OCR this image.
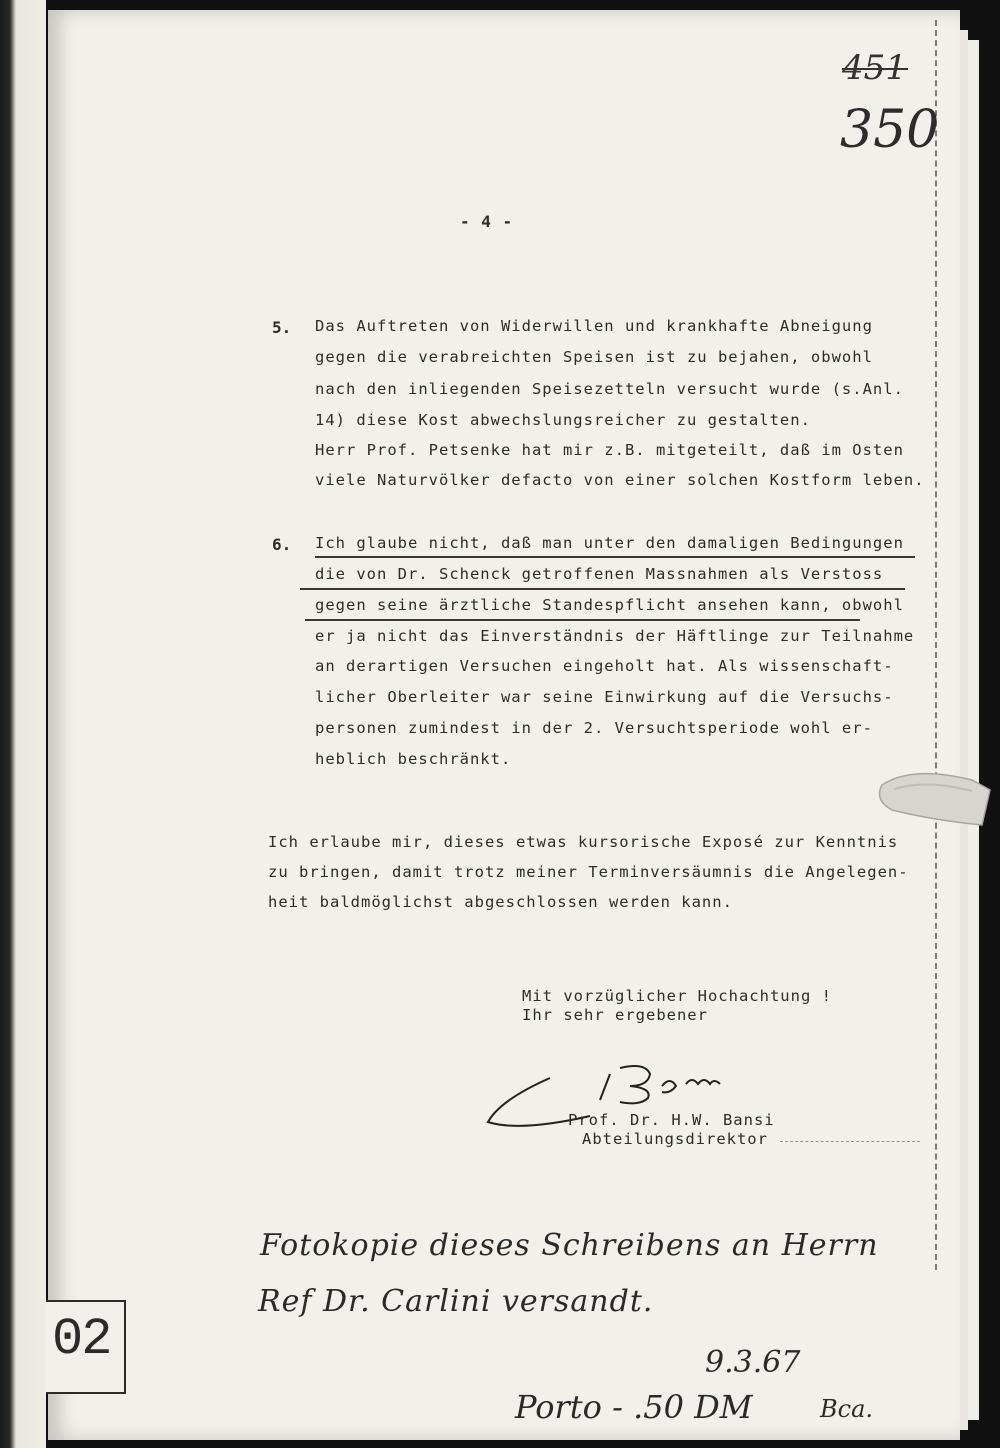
451
350
- 4 -
5. Das Auftreten von Widerwillen und krankhafte Abneigung
gegen die verabreichten Speisen ist zu bejahen, obwohl
nach den inliegenden Speisezetteln versucht wurde (s.Anl.
14) diese Kost abwechslungsreicher zu gestalten.
Herr Prof. Petsenke hat mir z.B. mitgeteilt, daß im Osten
viele Naturvölker defacto von einer solchen Kostform leben.
6. Ich glaube nicht, daß man unter den damaligen Bedingungen
die von Dr. Schenck getroffenen Massnahmen als Verstoss
gegen seine ärztliche Standespflicht ansehen kann, obwohl
er ja nicht das Einverständnis der Häftlinge zur Teilnahme
an derartigen Versuchen eingeholt hat. Als wissenschaft-
licher Oberleiter war seine Einwirkung auf die Versuchs-
personen zumindest in der 2. Versuchtsperiode wohl er-
heblich beschränkt.
Ich erlaube mir, dieses etwas kursorische Exposé zur Kenntnis
zu bringen, damit trotz meiner Terminversäumnis die Angelegen-
heit baldmöglichst abgeschlossen werden kann.
Mit vorzüglicher Hochachtung !
Ihr sehr ergebener
Prof. Dr. H.W. Bansi
Abteilungsdirektor
Fotokopie dieses Schreibens an Herrn
Ref Dr. Carlini versandt.
9.3.67
Porto - .50 DM	Bca.
02
